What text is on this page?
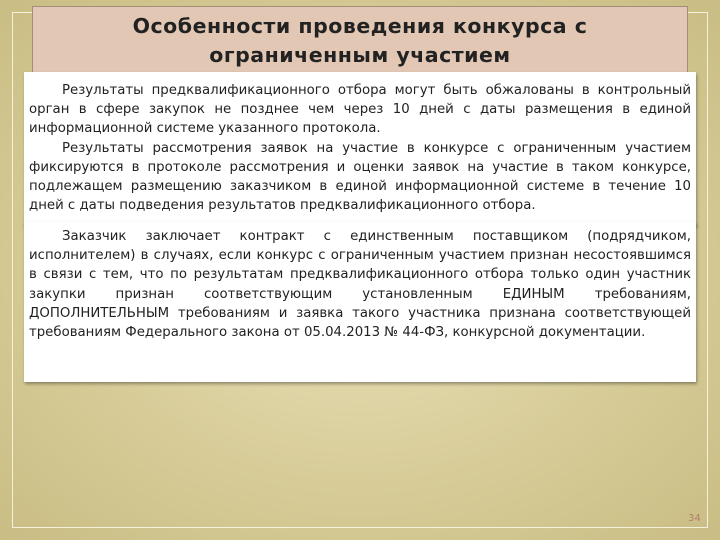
Особенности проведения конкурса с
ограниченным участием

Результаты предквалификационного отбора могут быть обжалованы в контрольный орган в сфере закупок не позднее чем через 10 дней с даты размещения в единой информационной системе указанного протокола.

Результаты рассмотрения заявок на участие в конкурсе с ограниченным участием фиксируются в протоколе рассмотрения и оценки заявок на участие в таком конкурсе, подлежащем размещению заказчиком в единой информационной системе в течение 10 дней с даты подведения результатов предквалификационного отбора.

Заказчик заключает контракт с единственным поставщиком (подрядчиком, исполнителем) в случаях, если конкурс с ограниченным участием признан несостоявшимся в связи с тем, что по результатам предквалификационного отбора только один участник закупки признан соответствующим установленным ЕДИНЫМ требованиям, ДОПОЛНИТЕЛЬНЫМ требованиям и заявка такого участника признана соответствующей требованиям Федерального закона от 05.04.2013 № 44-ФЗ, конкурсной документации.

34
